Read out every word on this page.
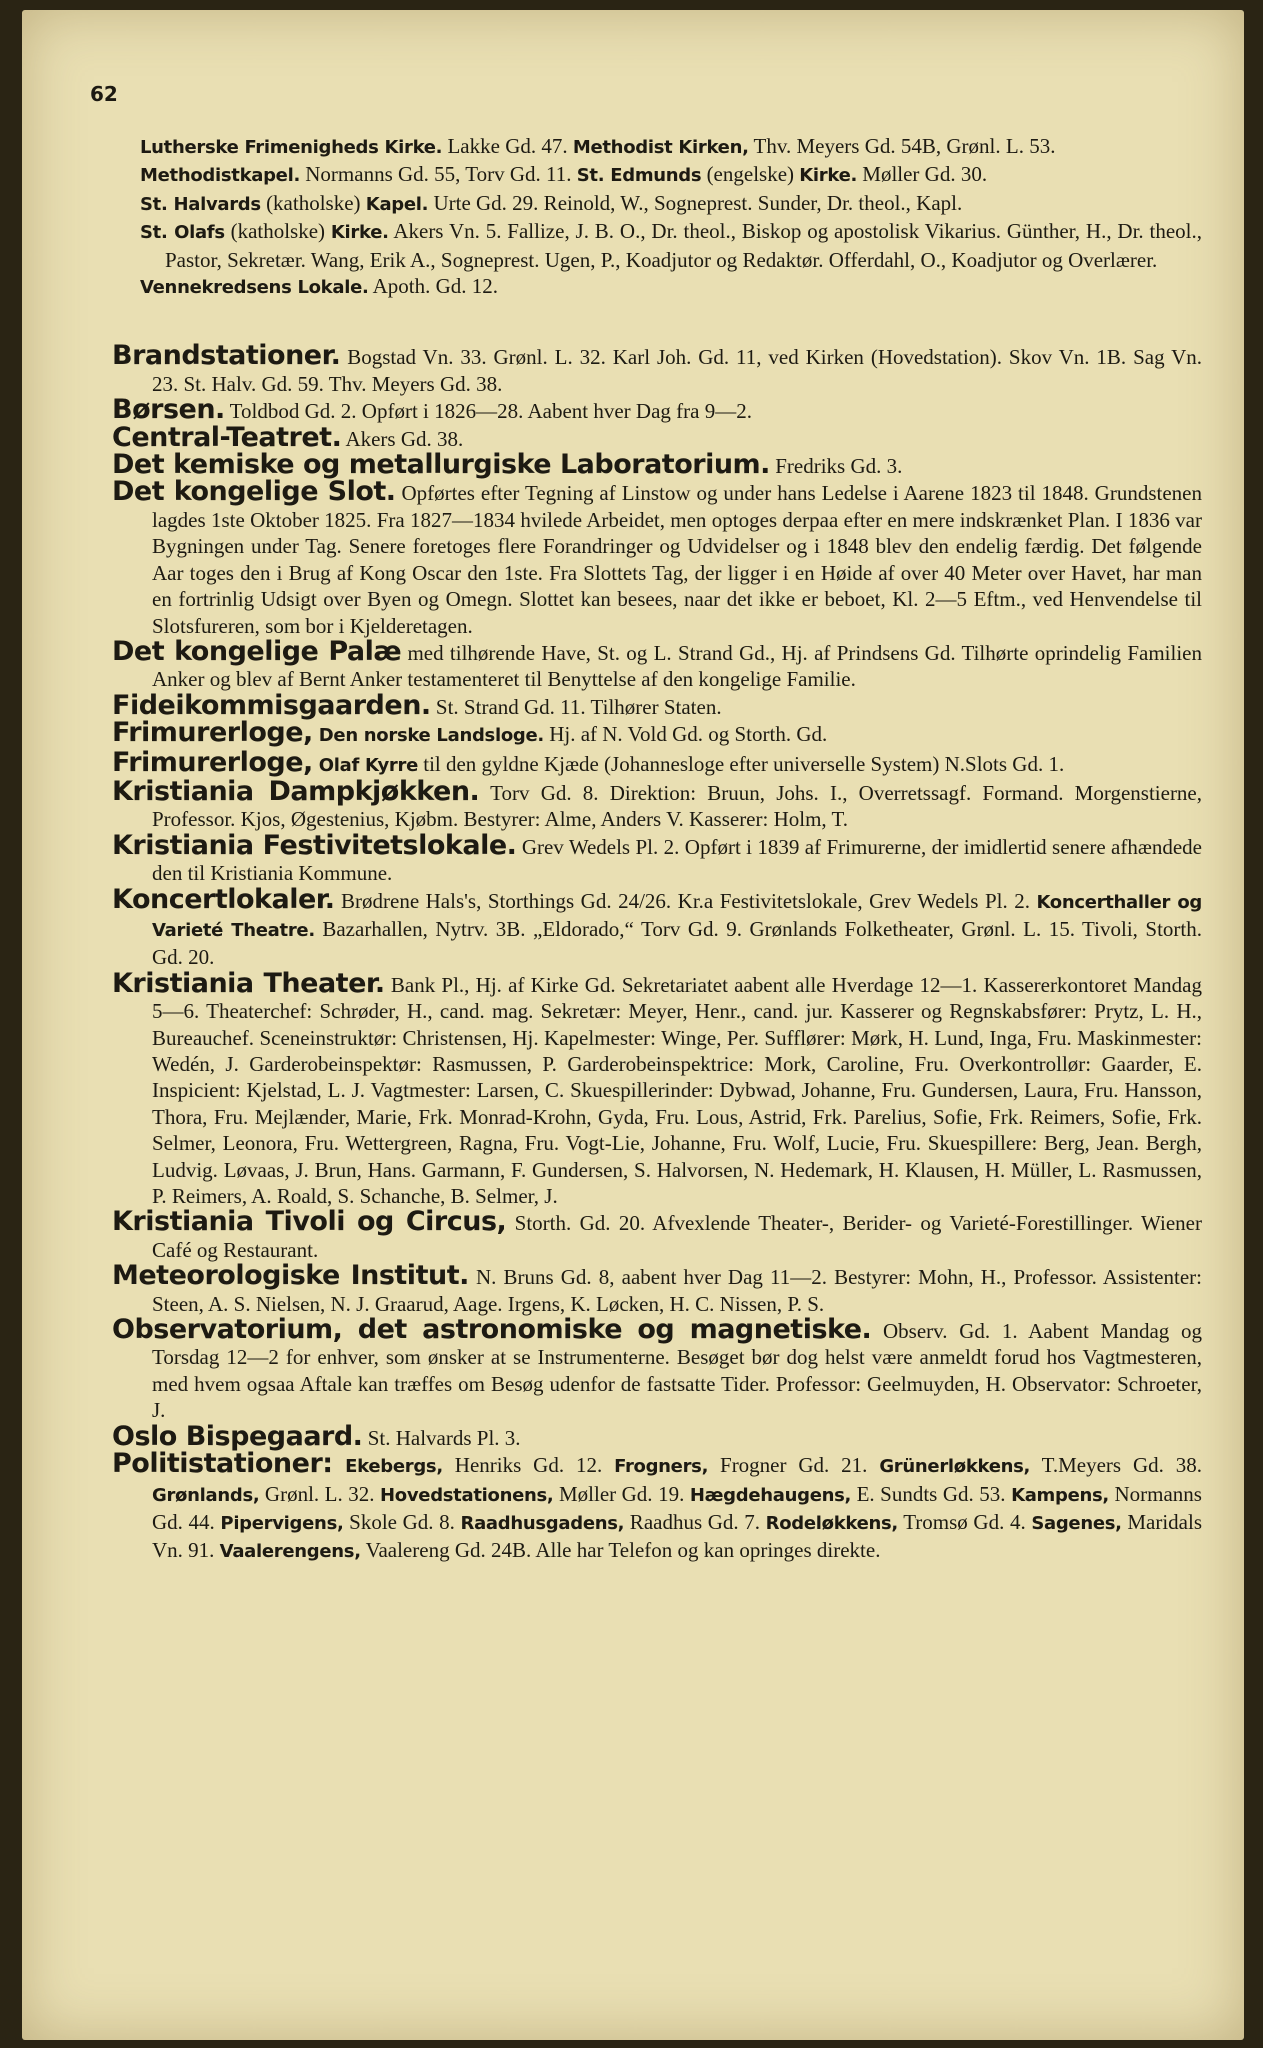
62

Lutherske Frimenigheds Kirke. Lakke Gd. 47. Methodist Kirken, Thv. Meyers Gd. 54B, Grønl. L. 53.

Methodistkapel. Normanns Gd. 55, Torv Gd. 11. St. Edmunds (engelske) Kirke. Møller Gd. 30.

St. Halvards (katholske) Kapel. Urte Gd. 29. Reinold, W., Sogneprest. Sunder, Dr. theol., Kapl.

St. Olafs (katholske) Kirke. Akers Vn. 5. Fallize, J. B. O., Dr. theol., Biskop og apostolisk Vikarius. Günther, H., Dr. theol., Pastor, Sekretær. Wang, Erik A., Sogneprest. Ugen, P., Koadjutor og Redaktør. Offerdahl, O., Koadjutor og Overlærer.

Vennekredsens Lokale. Apoth. Gd. 12.

Brandstationer. Bogstad Vn. 33. Grønl. L. 32. Karl Joh. Gd. 11, ved Kirken (Hovedstation). Skov Vn. 1B. Sag Vn. 23. St. Halv. Gd. 59. Thv. Meyers Gd. 38.
Børsen. Toldbod Gd. 2. Opført i 1826—28. Aabent hver Dag fra 9—2.
Central-Teatret. Akers Gd. 38.
Det kemiske og metallurgiske Laboratorium. Fredriks Gd. 3.
Det kongelige Slot. Opførtes efter Tegning af Linstow og under hans Ledelse i Aarene 1823 til 1848. Grundstenen lagdes 1ste Oktober 1825. Fra 1827—1834 hvilede Arbeidet, men optoges derpaa efter en mere indskrænket Plan. I 1836 var Bygningen under Tag. Senere foretoges flere Forandringer og Udvidelser og i 1848 blev den endelig færdig. Det følgende Aar toges den i Brug af Kong Oscar den 1ste. Fra Slottets Tag, der ligger i en Høide af over 40 Meter over Havet, har man en fortrinlig Udsigt over Byen og Omegn. Slottet kan besees, naar det ikke er beboet, Kl. 2—5 Eftm., ved Henvendelse til Slotsfureren, som bor i Kjelderetagen.
Det kongelige Palæ med tilhørende Have, St. og L. Strand Gd., Hj. af Prindsens Gd. Tilhørte oprindelig Familien Anker og blev af Bernt Anker testamenteret til Benyttelse af den kongelige Familie.
Fideikommisgaarden. St. Strand Gd. 11. Tilhører Staten.
Frimurerloge, Den norske Landsloge. Hj. af N. Vold Gd. og Storth. Gd.
Frimurerloge, Olaf Kyrre til den gyldne Kjæde (Johannesloge efter universelle System) N.Slots Gd. 1.
Kristiania Dampkjøkken. Torv Gd. 8. Direktion: Bruun, Johs. I., Overretssagf. Formand. Morgenstierne, Professor. Kjos, Øgestenius, Kjøbm. Bestyrer: Alme, Anders V. Kasserer: Holm, T.
Kristiania Festivitetslokale. Grev Wedels Pl. 2. Opført i 1839 af Frimurerne, der imidlertid senere afhændede den til Kristiania Kommune.
Koncertlokaler. Brødrene Hals's, Storthings Gd. 24/26. Kr.a Festivitetslokale, Grev Wedels Pl. 2. Koncerthaller og Varieté Theatre. Bazarhallen, Nytrv. 3B. „Eldorado,“ Torv Gd. 9. Grønlands Folketheater, Grønl. L. 15. Tivoli, Storth. Gd. 20.
Kristiania Theater. Bank Pl., Hj. af Kirke Gd. Sekretariatet aabent alle Hverdage 12—1. Kassererkontoret Mandag 5—6. Theaterchef: Schrøder, H., cand. mag. Sekretær: Meyer, Henr., cand. jur. Kasserer og Regnskabsfører: Prytz, L. H., Bureauchef. Sceneinstruktør: Christensen, Hj. Kapelmester: Winge, Per. Sufflører: Mørk, H. Lund, Inga, Fru. Maskinmester: Wedén, J. Garderobeinspektør: Rasmussen, P. Garderobeinspektrice: Mork, Caroline, Fru. Overkontrollør: Gaarder, E. Inspicient: Kjelstad, L. J. Vagtmester: Larsen, C. Skuespillerinder: Dybwad, Johanne, Fru. Gundersen, Laura, Fru. Hansson, Thora, Fru. Mejlænder, Marie, Frk. Monrad-Krohn, Gyda, Fru. Lous, Astrid, Frk. Parelius, Sofie, Frk. Reimers, Sofie, Frk. Selmer, Leonora, Fru. Wettergreen, Ragna, Fru. Vogt-Lie, Johanne, Fru. Wolf, Lucie, Fru. Skuespillere: Berg, Jean. Bergh, Ludvig. Løvaas, J. Brun, Hans. Garmann, F. Gundersen, S. Halvorsen, N. Hedemark, H. Klausen, H. Müller, L. Rasmussen, P. Reimers, A. Roald, S. Schanche, B. Selmer, J.
Kristiania Tivoli og Circus, Storth. Gd. 20. Afvexlende Theater-, Berider- og Varieté-Forestillinger. Wiener Café og Restaurant.
Meteorologiske Institut. N. Bruns Gd. 8, aabent hver Dag 11—2. Bestyrer: Mohn, H., Professor. Assistenter: Steen, A. S. Nielsen, N. J. Graarud, Aage. Irgens, K. Løcken, H. C. Nissen, P. S.
Observatorium, det astronomiske og magnetiske. Observ. Gd. 1. Aabent Mandag og Torsdag 12—2 for enhver, som ønsker at se Instrumenterne. Besøget bør dog helst være anmeldt forud hos Vagtmesteren, med hvem ogsaa Aftale kan træffes om Besøg udenfor de fastsatte Tider. Professor: Geelmuyden, H. Observator: Schroeter, J.
Oslo Bispegaard. St. Halvards Pl. 3.
Politistationer: Ekebergs, Henriks Gd. 12. Frogners, Frogner Gd. 21. Grünerløkkens, T.Meyers Gd. 38. Grønlands, Grønl. L. 32. Hovedstationens, Møller Gd. 19. Hægdehaugens, E. Sundts Gd. 53. Kampens, Normanns Gd. 44. Pipervigens, Skole Gd. 8. Raadhusgadens, Raadhus Gd. 7. Rodeløkkens, Tromsø Gd. 4. Sagenes, Maridals Vn. 91. Vaalerengens, Vaalereng Gd. 24B. Alle har Telefon og kan opringes direkte.
